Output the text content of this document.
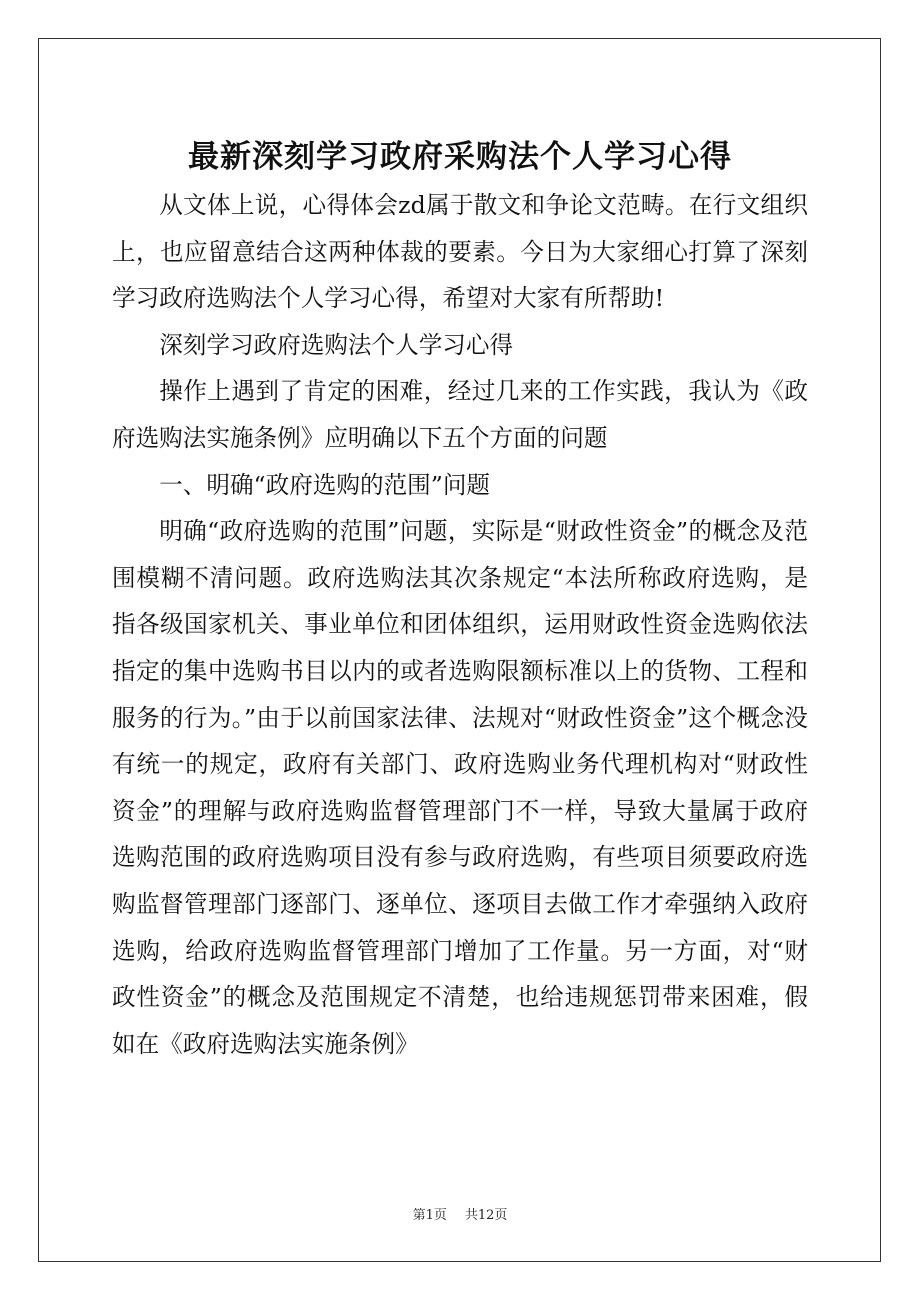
最新深刻学习政府采购法个人学习心得

从文体上说，心得体会zd属于散文和争论文范畴。在行文组织上，也应留意结合这两种体裁的要素。今日为大家细心打算了深刻学习政府选购法个人学习心得，希望对大家有所帮助!

深刻学习政府选购法个人学习心得

操作上遇到了肯定的困难，经过几来的工作实践，我认为《政府选购法实施条例》应明确以下五个方面的问题

一、明确“政府选购的范围”问题

明确“政府选购的范围”问题，实际是“财政性资金”的概念及范围模糊不清问题。政府选购法其次条规定“本法所称政府选购，是指各级国家机关、事业单位和团体组织，运用财政性资金选购依法指定的集中选购书目以内的或者选购限额标准以上的货物、工程和服务的行为。”由于以前国家法律、法规对“财政性资金”这个概念没有统一的规定，政府有关部门、政府选购业务代理机构对“财政性资金”的理解与政府选购监督管理部门不一样，导致大量属于政府选购范围的政府选购项目没有参与政府选购，有些项目须要政府选购监督管理部门逐部门、逐单位、逐项目去做工作才牵强纳入政府选购，给政府选购监督管理部门增加了工作量。另一方面，对“财政性资金”的概念及范围规定不清楚，也给违规惩罚带来困难，假如在《政府选购法实施条例》

第1页 共12页
